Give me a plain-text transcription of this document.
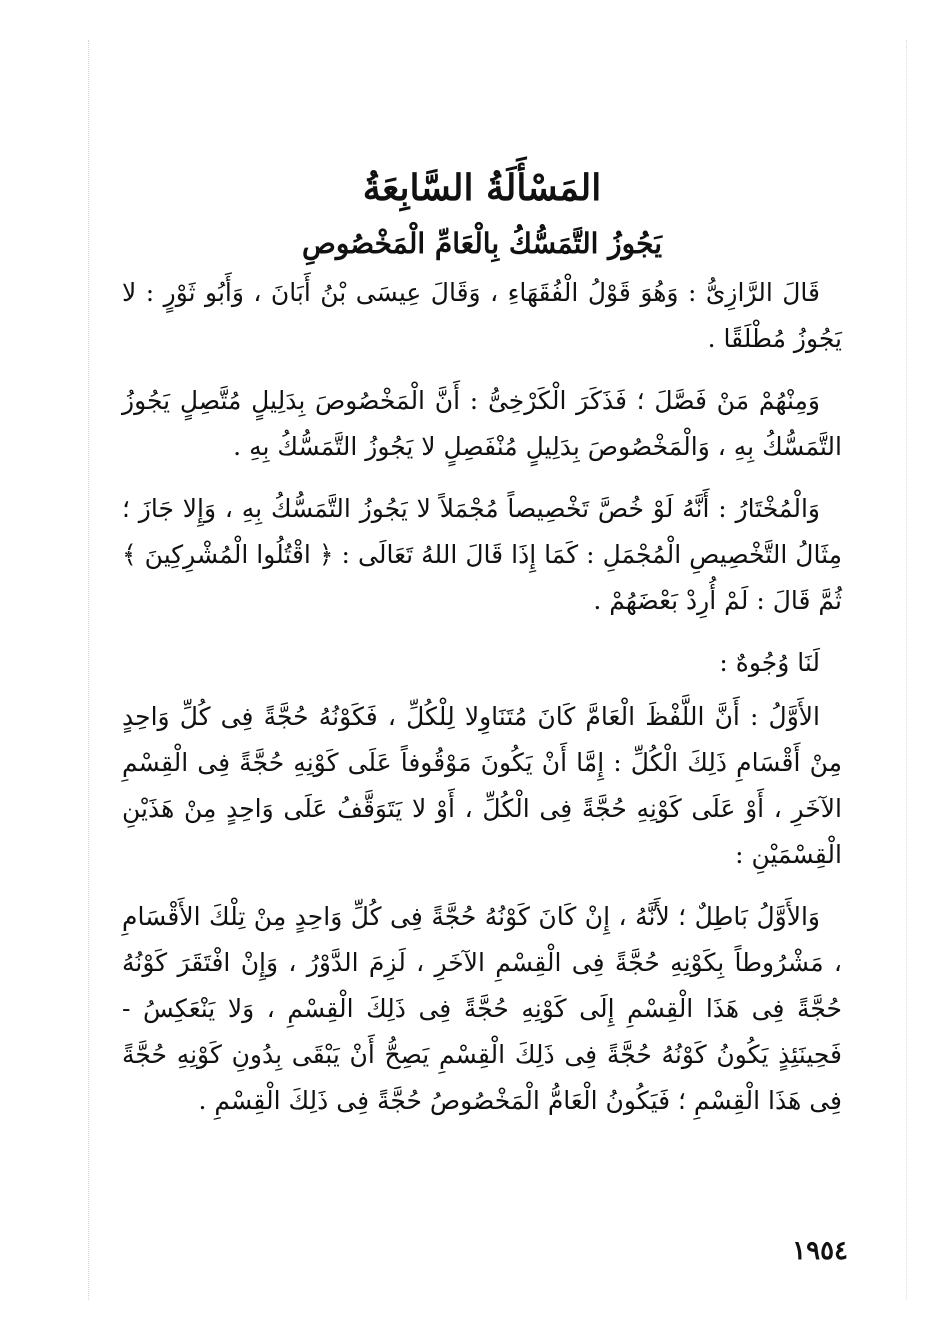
المَسْأَلَةُ السَّابِعَةُ
يَجُوزُ التَّمَسُّكُ بِالْعَامِّ الْمَخْصُوصِ

قَالَ الرَّازِىُّ : وَهُوَ قَوْلُ الْفُقَهَاءِ ، وَقَالَ عِيسَى بْنُ أَبَانَ ، وَأَبُو ثَوْرٍ : لا يَجُوزُ مُطْلَقًا .

وَمِنْهُمْ مَنْ فَصَّلَ ؛ فَذَكَرَ الْكَرْخِىُّ : أَنَّ الْمَخْصُوصَ بِدَلِيلٍ مُتَّصِلٍ يَجُوزُ التَّمَسُّكُ بِهِ ، وَالْمَخْصُوصَ بِدَلِيلٍ مُنْفَصِلٍ لا يَجُوزُ التَّمَسُّكُ بِهِ .

وَالْمُخْتَارُ : أَنَّهُ لَوْ خُصَّ تَخْصِيصاً مُجْمَلاً لا يَجُوزُ التَّمَسُّكُ بِهِ ، وَإِلا جَازَ ؛ مِثَالُ التَّخْصِيصِ الْمُجْمَلِ : كَمَا إِذَا قَالَ اللهُ تَعَالَى : ﴿ اقْتُلُوا الْمُشْرِكِينَ ﴾ ثُمَّ قَالَ : لَمْ أُرِدْ بَعْضَهُمْ .

لَنَا وُجُوهٌ :

الأَوَّلُ : أَنَّ اللَّفْظَ الْعَامَّ كَانَ مُتَنَاوِلا لِلْكُلِّ ، فَكَوْنُهُ حُجَّةً فِى كُلِّ وَاحِدٍ مِنْ أَقْسَامِ ذَلِكَ الْكُلِّ : إِمَّا أَنْ يَكُونَ مَوْقُوفاً عَلَى كَوْنِهِ حُجَّةً فِى الْقِسْمِ الآخَرِ ، أَوْ عَلَى كَوْنِهِ حُجَّةً فِى الْكُلِّ ، أَوْ لا يَتَوَقَّفُ عَلَى وَاحِدٍ مِنْ هَذَيْنِ الْقِسْمَيْنِ :

وَالأَوَّلُ بَاطِلٌ ؛ لأَنَّهُ ، إِنْ كَانَ كَوْنُهُ حُجَّةً فِى كُلِّ وَاحِدٍ مِنْ تِلْكَ الأَقْسَامِ ، مَشْرُوطاً بِكَوْنِهِ حُجَّةً فِى الْقِسْمِ الآخَرِ ، لَزِمَ الدَّوْرُ ، وَإِنْ افْتَقَرَ كَوْنُهُ حُجَّةً فِى هَذَا الْقِسْمِ إِلَى كَوْنِهِ حُجَّةً فِى ذَلِكَ الْقِسْمِ ، وَلا يَنْعَكِسُ - فَحِينَئِذٍ يَكُونُ كَوْنُهُ حُجَّةً فِى ذَلِكَ الْقِسْمِ يَصِحُّ أَنْ يَبْقَى بِدُونِ كَوْنِهِ حُجَّةً فِى هَذَا الْقِسْمِ ؛ فَيَكُونُ الْعَامُّ الْمَخْصُوصُ حُجَّةً فِى ذَلِكَ الْقِسْمِ .

١٩٥٤
